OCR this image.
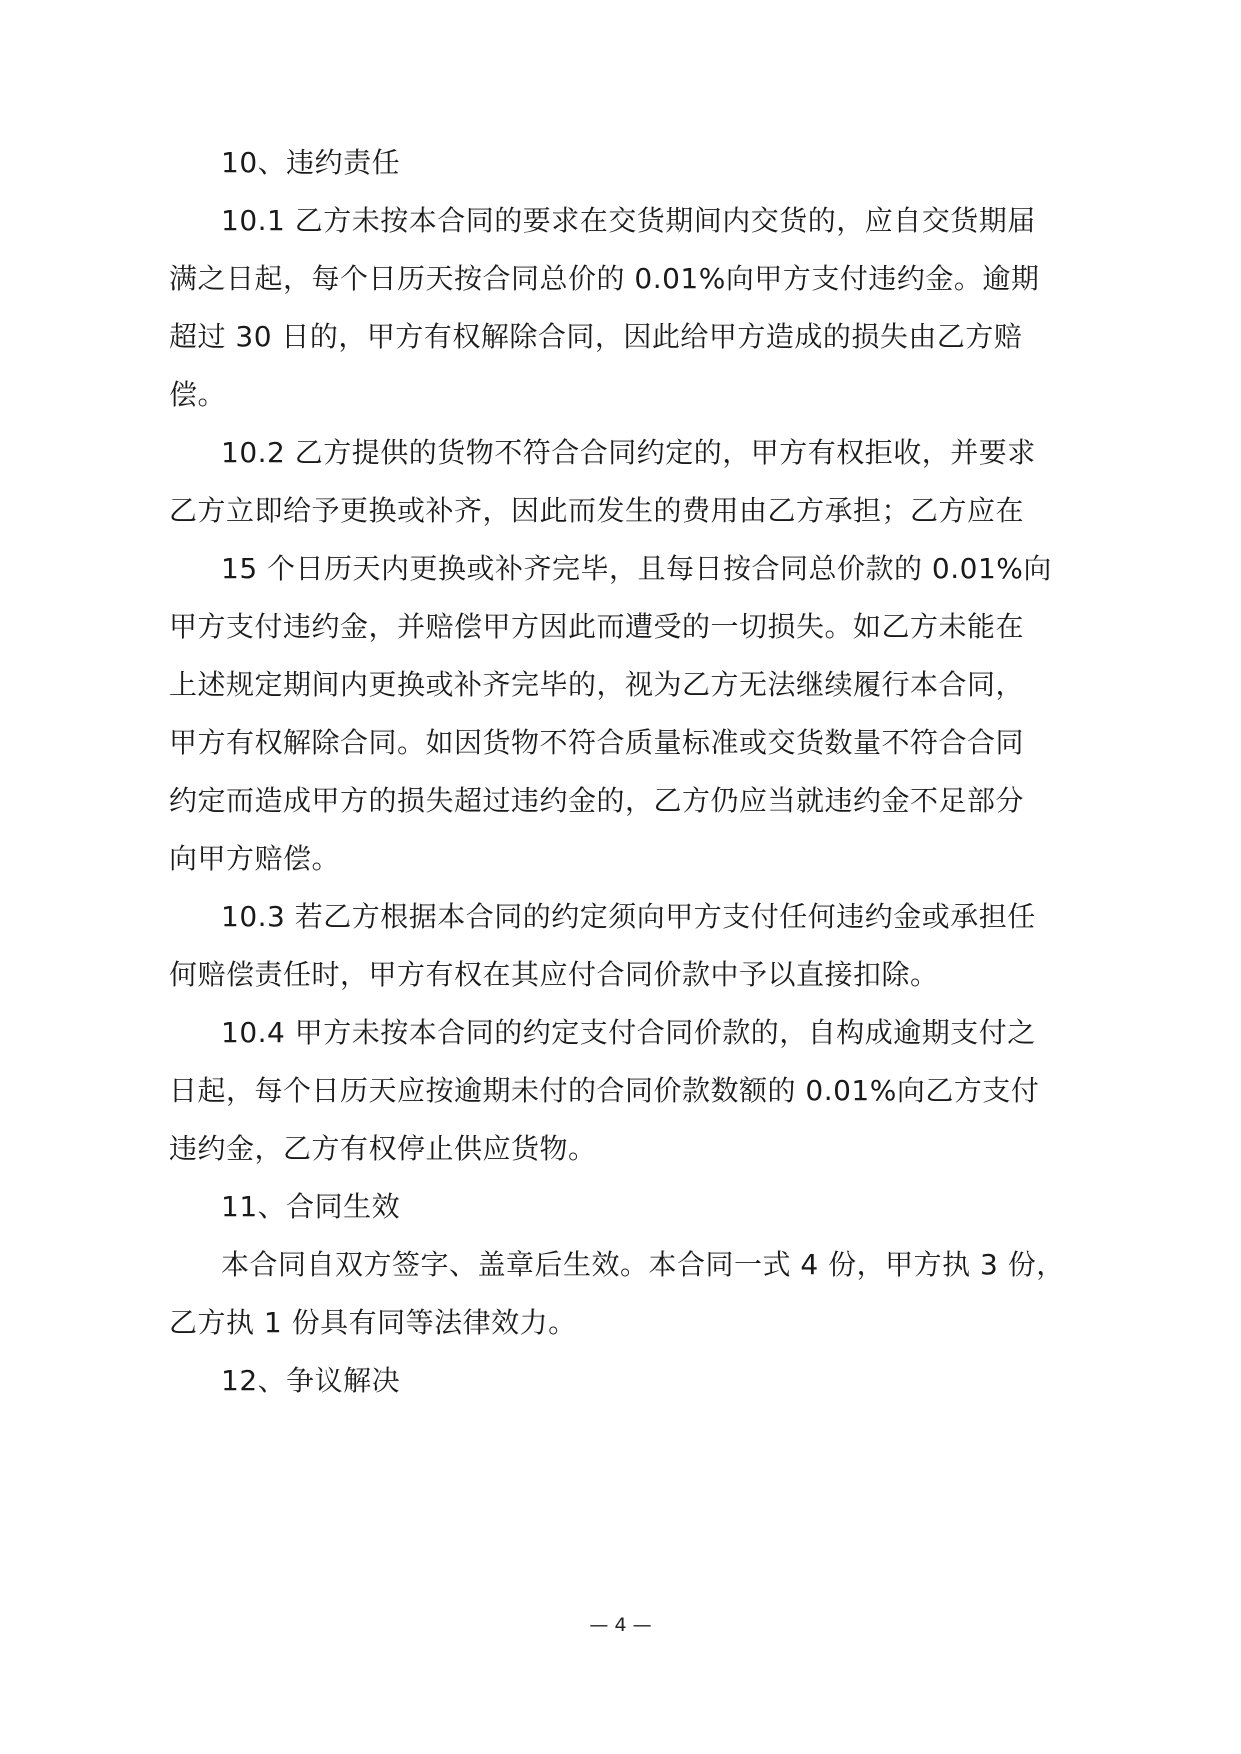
10、违约责任
10.1 乙方未按本合同的要求在交货期间内交货的，应自交货期届
满之日起，每个日历天按合同总价的 0.01%向甲方支付违约金。逾期
超过 30 日的，甲方有权解除合同，因此给甲方造成的损失由乙方赔
偿。
10.2 乙方提供的货物不符合合同约定的，甲方有权拒收，并要求
乙方立即给予更换或补齐，因此而发生的费用由乙方承担；乙方应在
15 个日历天内更换或补齐完毕，且每日按合同总价款的 0.01%向
甲方支付违约金，并赔偿甲方因此而遭受的一切损失。如乙方未能在
上述规定期间内更换或补齐完毕的，视为乙方无法继续履行本合同，
甲方有权解除合同。如因货物不符合质量标准或交货数量不符合合同
约定而造成甲方的损失超过违约金的，乙方仍应当就违约金不足部分
向甲方赔偿。
10.3 若乙方根据本合同的约定须向甲方支付任何违约金或承担任
何赔偿责任时，甲方有权在其应付合同价款中予以直接扣除。
10.4 甲方未按本合同的约定支付合同价款的，自构成逾期支付之
日起，每个日历天应按逾期未付的合同价款数额的 0.01%向乙方支付
违约金，乙方有权停止供应货物。
11、合同生效
本合同自双方签字、盖章后生效。本合同一式 4 份，甲方执 3 份，
乙方执 1 份具有同等法律效力。
12、争议解决
— 4 —
